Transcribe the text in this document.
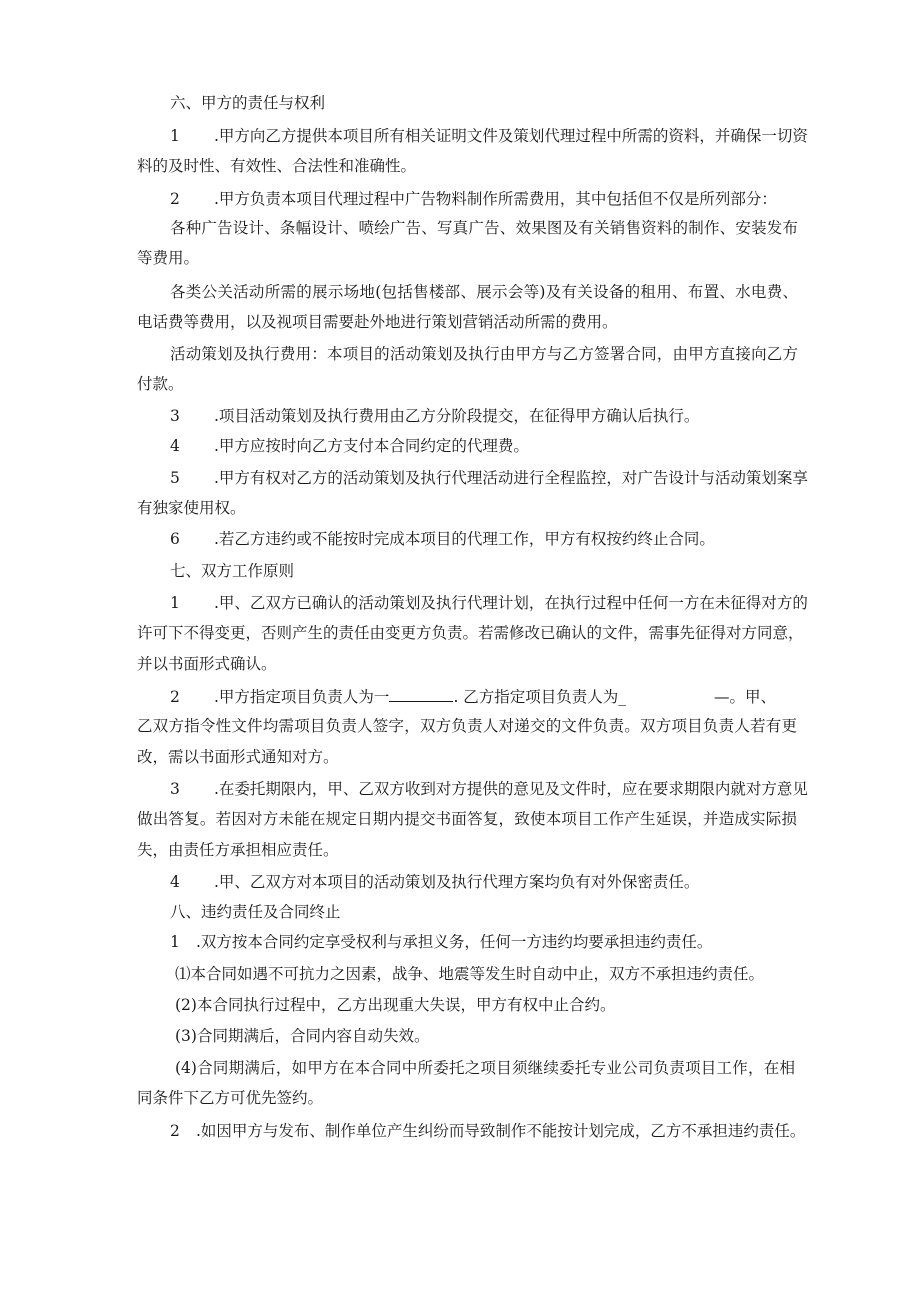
六、甲方的责任与权利
1 .甲方向乙方提供本项目所有相关证明文件及策划代理过程中所需的资料，并确保一切资
料的及时性、有效性、合法性和准确性。
2 .甲方负责本项目代理过程中广告物料制作所需费用，其中包括但不仅是所列部分：
各种广告设计、条幅设计、喷绘广告、写真广告、效果图及有关销售资料的制作、安装发布
等费用。
各类公关活动所需的展示场地(包括售楼部、展示会等)及有关设备的租用、布置、水电费、
电话费等费用，以及视项目需要赴外地进行策划营销活动所需的费用。
活动策划及执行费用：本项目的活动策划及执行由甲方与乙方签署合同，由甲方直接向乙方
付款。
3 .项目活动策划及执行费用由乙方分阶段提交，在征得甲方确认后执行。
4 .甲方应按时向乙方支付本合同约定的代理费。
5 .甲方有权对乙方的活动策划及执行代理活动进行全程监控，对广告设计与活动策划案享
有独家使用权。
6 .若乙方违约或不能按时完成本项目的代理工作，甲方有权按约终止合同。
七、双方工作原则
1 .甲、乙双方已确认的活动策划及执行代理计划，在执行过程中任何一方在未征得对方的
许可下不得变更，否则产生的责任由变更方负责。若需修改已确认的文件，需事先征得对方同意，
并以书面形式确认。
2 .甲方指定项目负责人为一	. 乙方指定项目负责人为_	—。甲、
乙双方指令性文件均需项目负责人签字，双方负责人对递交的文件负责。双方项目负责人若有更
改，需以书面形式通知对方。
3 .在委托期限内，甲、乙双方收到对方提供的意见及文件时，应在要求期限内就对方意见
做出答复。若因对方未能在规定日期内提交书面答复，致使本项目工作产生延误，并造成实际损
失，由责任方承担相应责任。
4 .甲、乙双方对本项目的活动策划及执行代理方案均负有对外保密责任。
八、违约责任及合同终止
1 .双方按本合同约定享受权利与承担义务，任何一方违约均要承担违约责任。
⑴本合同如遇不可抗力之因素，战争、地震等发生时自动中止，双方不承担违约责任。
(2)本合同执行过程中，乙方出现重大失误，甲方有权中止合约。
(3)合同期满后，合同内容自动失效。
(4)合同期满后，如甲方在本合同中所委托之项目须继续委托专业公司负责项目工作，在相
同条件下乙方可优先签约。
2 .如因甲方与发布、制作单位产生纠纷而导致制作不能按计划完成，乙方不承担违约责任。
